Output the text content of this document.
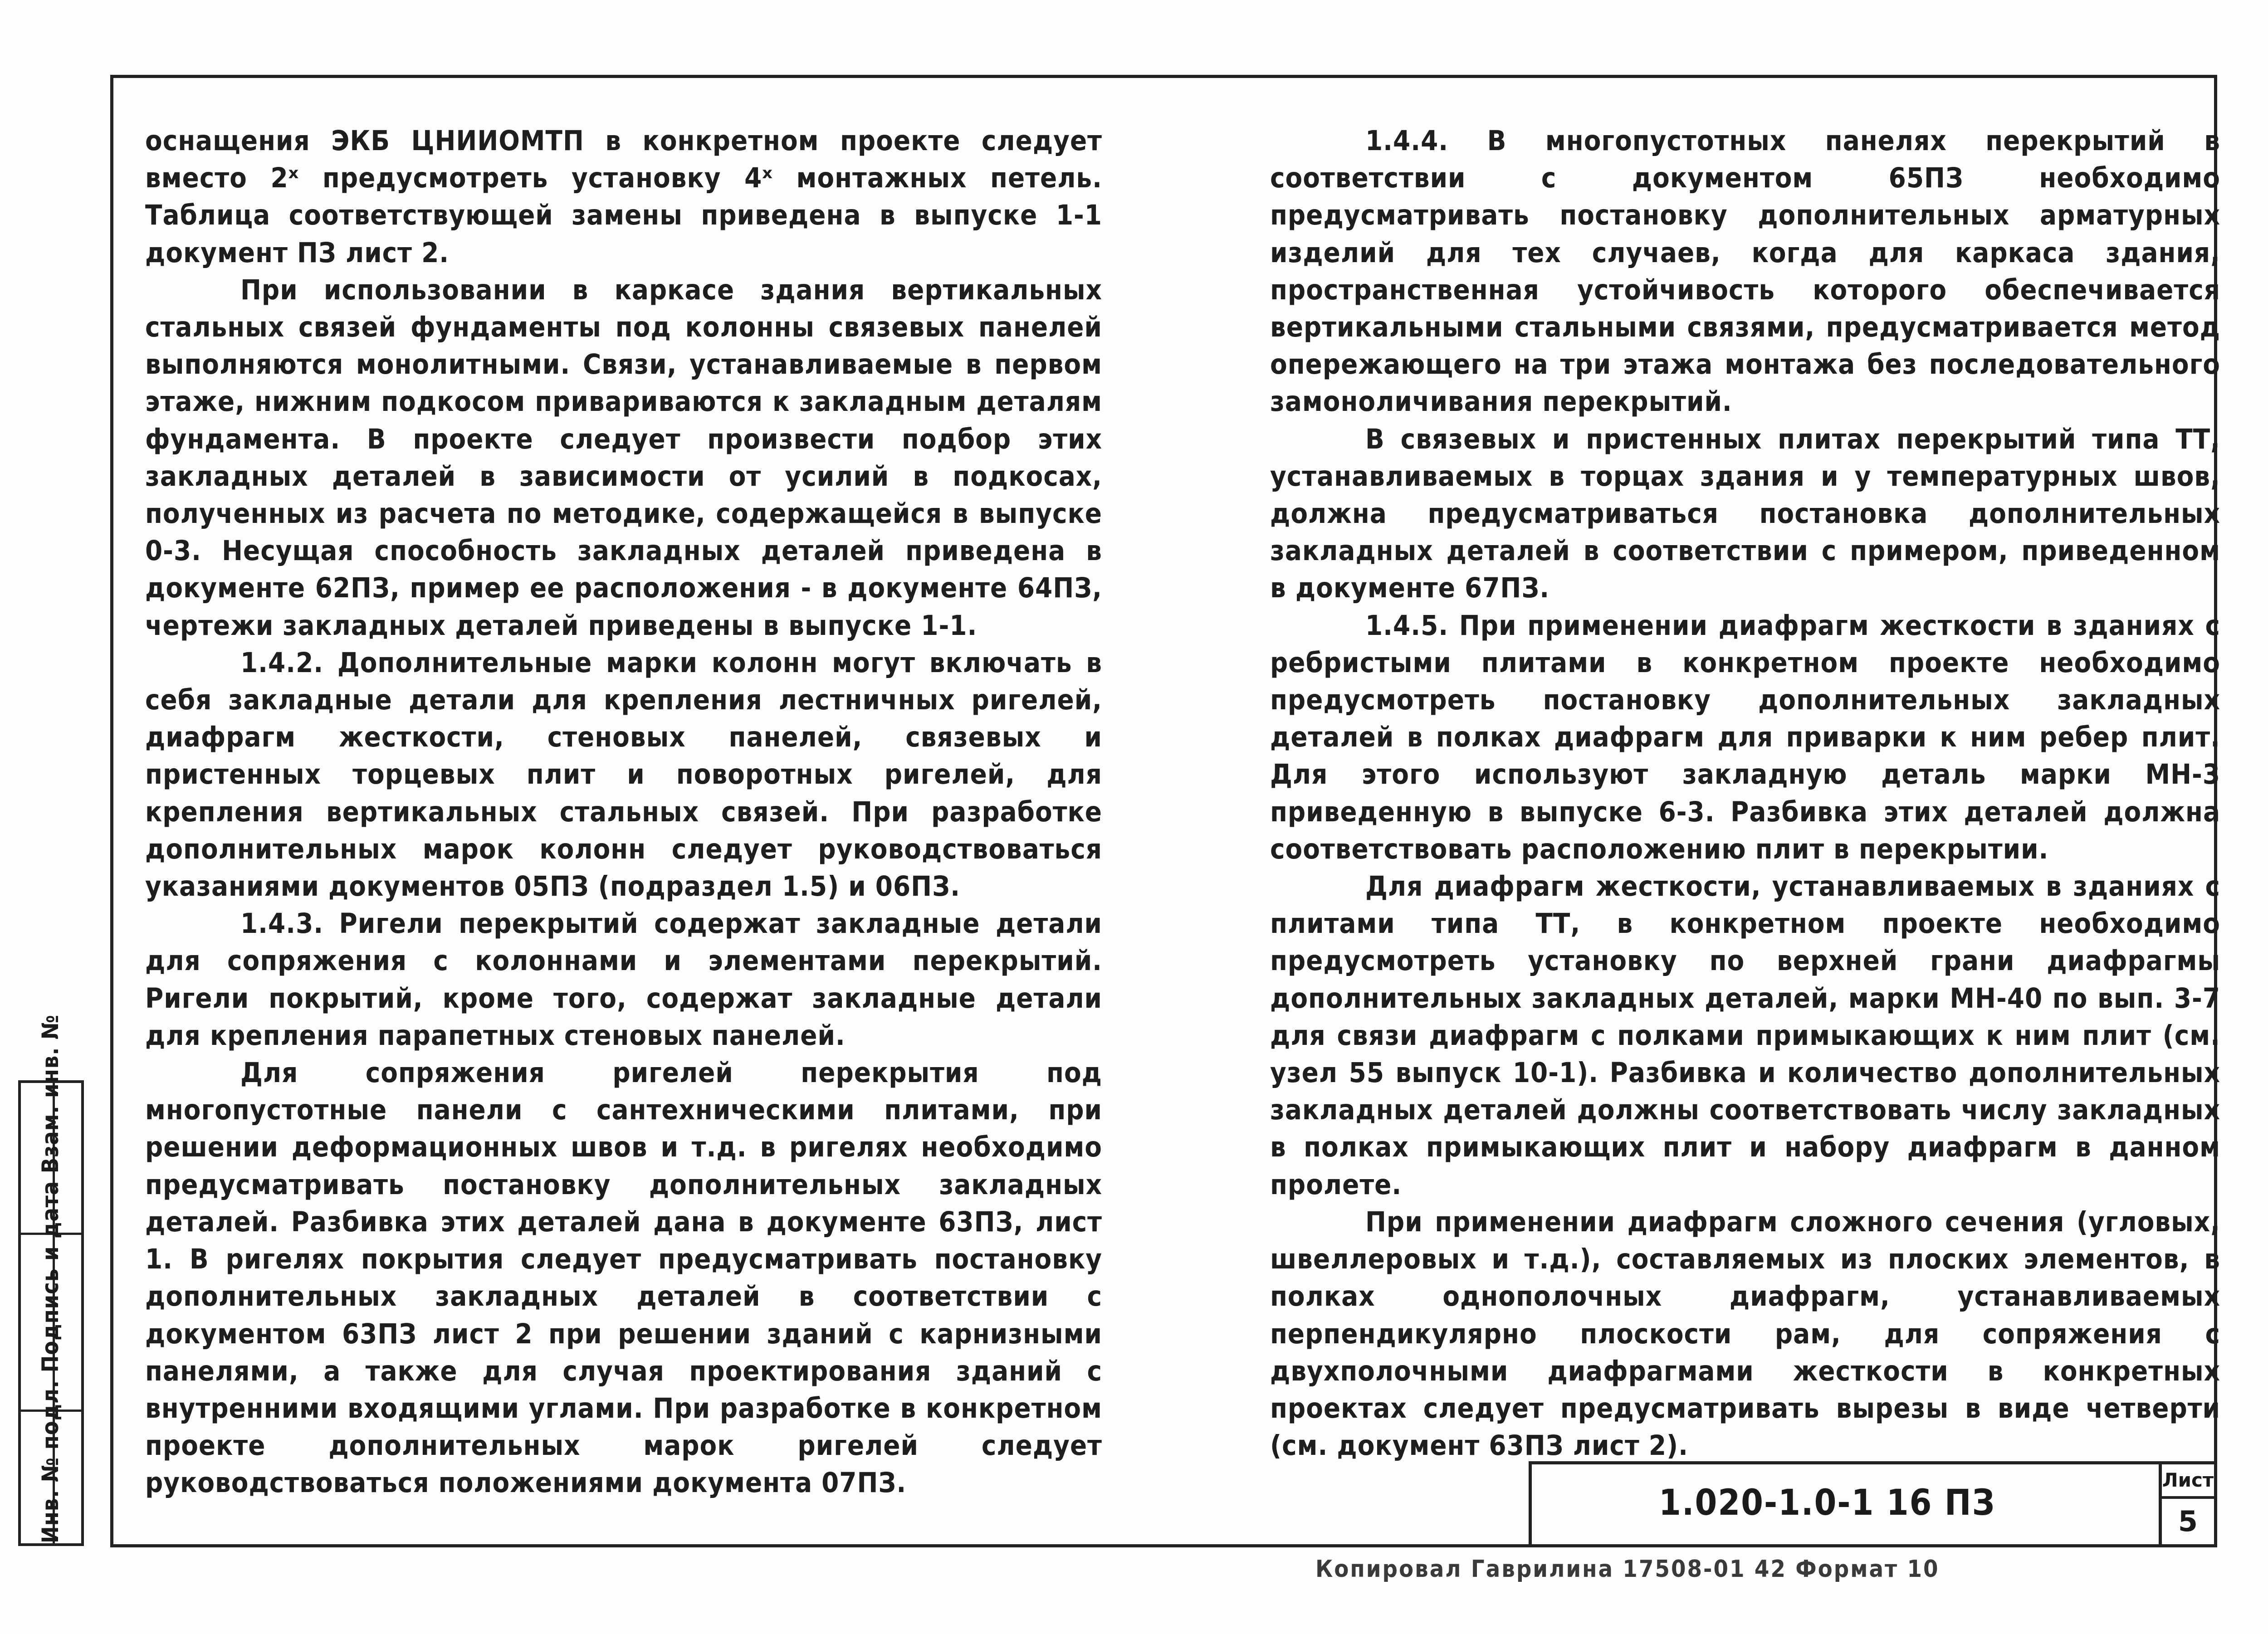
оснащения ЭКБ ЦНИИОМТП в конкретном проекте следует вместо 2ˣ предусмотреть установку 4ˣ монтажных петель. Таблица соответствующей замены приведена в выпуске 1-1 документ ПЗ лист 2.

При использовании в каркасе здания вертикальных стальных связей фундаменты под колонны связевых панелей выполняются монолитными. Связи, устанавливаемые в первом этаже, нижним подкосом привариваются к закладным деталям фундамента. В проекте следует произвести подбор этих закладных деталей в зависимости от усилий в подкосах, полученных из расчета по методике, содержащейся в выпуске 0-3. Несущая способность закладных деталей приведена в документе 62ПЗ, пример ее расположения - в документе 64ПЗ, чертежи закладных деталей приведены в выпуске 1-1.

1.4.2. Дополнительные марки колонн могут включать в себя закладные детали для крепления лестничных ригелей, диафрагм жесткости, стеновых панелей, связевых и пристенных торцевых плит и поворотных ригелей, для крепления вертикальных стальных связей. При разработке дополнительных марок колонн следует руководствоваться указаниями документов 05ПЗ (подраздел 1.5) и 06ПЗ.

1.4.3. Ригели перекрытий содержат закладные детали для сопряжения с колоннами и элементами перекрытий. Ригели покрытий, кроме того, содержат закладные детали для крепления парапетных стеновых панелей.

Для сопряжения ригелей перекрытия под многопустотные панели с сантехническими плитами, при решении деформационных швов и т.д. в ригелях необходимо предусматривать постановку дополнительных закладных деталей. Разбивка этих деталей дана в документе 63ПЗ, лист 1. В ригелях покрытия следует предусматривать постановку дополнительных закладных деталей в соответствии с документом 63ПЗ лист 2 при решении зданий с карнизными панелями, а также для случая проектирования зданий с внутренними входящими углами. При разработке в конкретном проекте дополнительных марок ригелей следует руководствоваться положениями документа 07ПЗ.

1.4.4. В многопустотных панелях перекрытий в соответствии с документом 65ПЗ необходимо предусматривать постановку дополнительных арматурных изделий для тех случаев, когда для каркаса здания, пространственная устойчивость которого обеспечивается вертикальными стальными связями, предусматривается метод опережающего на три этажа монтажа без последовательного замоноличивания перекрытий.

В связевых и пристенных плитах перекрытий типа ТТ, устанавливаемых в торцах здания и у температурных швов, должна предусматриваться постановка дополнительных закладных деталей в соответствии с примером, приведенном в документе 67ПЗ.

1.4.5. При применении диафрагм жесткости в зданиях с ребристыми плитами в конкретном проекте необходимо предусмотреть постановку дополнительных закладных деталей в полках диафрагм для приварки к ним ребер плит. Для этого используют закладную деталь марки МН-3 приведенную в выпуске 6-3. Разбивка этих деталей должна соответствовать расположению плит в перекрытии.

Для диафрагм жесткости, устанавливаемых в зданиях с плитами типа ТТ, в конкретном проекте необходимо предусмотреть установку по верхней грани диафрагмы дополнительных закладных деталей, марки МН-40 по вып. 3-7 для связи диафрагм с полками примыкающих к ним плит (см. узел 55 выпуск 10-1). Разбивка и количество дополнительных закладных деталей должны соответствовать числу закладных в полках примыкающих плит и набору диафрагм в данном пролете.

При применении диафрагм сложного сечения (угловых, швеллеровых и т.д.), составляемых из плоских элементов, в полках однополочных диафрагм, устанавливаемых перпендикулярно плоскости рам, для сопряжения с двухполочными диафрагмами жесткости в конкретных проектах следует предусматривать вырезы в виде четверти (см. документ 63ПЗ лист 2).

Инв. № подл. Подпись и дата Взам. инв. №	1.020-1.0-1 16 ПЗ
Лист
5
Копировал Гаврилина 17508-01 42 Формат 10
